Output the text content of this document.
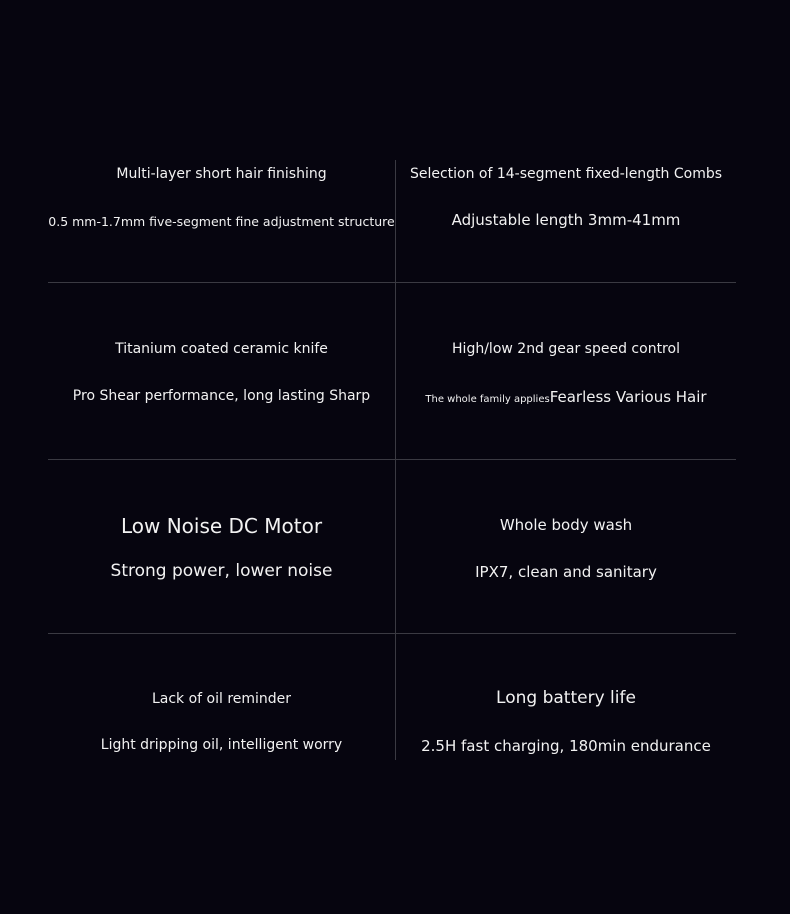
Multi-layer short hair finishing
0.5 mm-1.7mm five-segment fine adjustment structure
Selection of 14-segment fixed-length Combs
Adjustable length 3mm-41mm
Titanium coated ceramic knife
Pro Shear performance, long lasting Sharp
High/low 2nd gear speed control
The whole family appliesFearless Various Hair
Low Noise DC Motor
Strong power, lower noise
Whole body wash
IPX7, clean and sanitary
Lack of oil reminder
Light dripping oil, intelligent worry
Long battery life
2.5H fast charging, 180min endurance
